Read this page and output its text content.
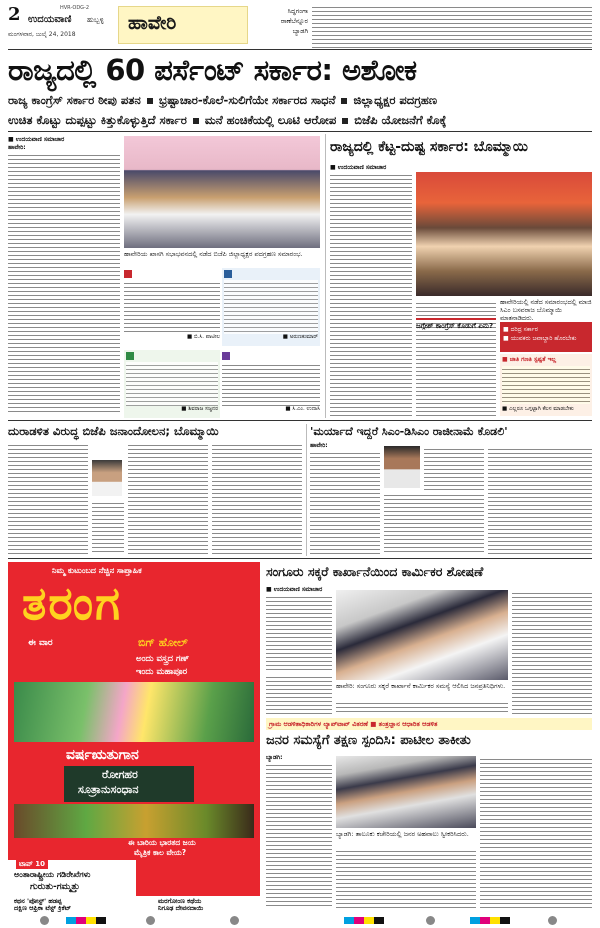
2	HVR-ODG-2
ಉದಯವಾಣಿ ಹುಬ್ಬಳ್ಳಿ
ಮಂಗಳವಾರ, ಜುಲೈ 24, 2018
ಹಾವೇರಿ
ಸಿದ್ಧಗಂಗಾ
ರಾಣೆಬೆನ್ನೂರ
ಬ್ಯಾಡಗಿ
ರಾಜ್ಯದಲ್ಲಿ 60 ಪರ್ಸೆಂಟ್ ಸರ್ಕಾರ: ಅಶೋಕ
ರಾಜ್ಯ ಕಾಂಗ್ರೆಸ್ ಸರ್ಕಾರ ಠೀಪು ಪತನ ಭ್ರಷ್ಟಾಚಾರ-ಕೊಲೆ-ಸುಲಿಗೆಯೇ ಸರ್ಕಾರದ ಸಾಧನೆ ಜಿಲ್ಲಾಧ್ಯಕ್ಷರ ಪದಗ್ರಹಣ
ಉಚಿತ ಕೊಟ್ಟು ದುಪ್ಪಟ್ಟು ಕಿತ್ತುಕೊಳ್ಳುತ್ತಿದೆ ಸರ್ಕಾರ ಮನೆ ಹಂಚಿಕೆಯಲ್ಲಿ ಲೂಟಿ ಆರೋಪ ಬಿಜೆಪಿ ಯೋಜನೆಗೆ ಕೊಕ್ಕೆ
■ ಉದಯವಾಣಿ ಸಮಾಚಾರ
ಹಾವೇರಿ:
ಹಾವೇರಿಯ ಖಾಸಗಿ ಸಭಾಭವನದಲ್ಲಿ ನಡೆದ ಬಿಜೆಪಿ ಜಿಲ್ಲಾಧ್ಯಕ್ಷರ ಪದಗ್ರಹಣ ಸಮಾರಂಭ.
■ ಬಿ.ಸಿ. ಪಾಟೀಲ	■ ಅರುಣಕುಮಾರ್
■ ಶಿವರಾಜ ಸಜ್ಜನರ	■ ಸಿ.ಎಂ. ಉದಾಸಿ
ರಾಜ್ಯದಲ್ಲಿ ಕೆಟ್ಟ-ದುಷ್ಟ ಸರ್ಕಾರ: ಬೊಮ್ಮಾಯಿ
■ ಉದಯವಾಣಿ ಸಮಾಚಾರ
ಹಾವೇರಿಯಲ್ಲಿ ನಡೆದ ಸಮಾರಂಭದಲ್ಲಿ ಮಾಜಿ ಸಿಎಂ ಬಸವರಾಜ ಬೊಮ್ಮಾಯಿ ಮಾತನಾಡಿದರು.
ಜಗ್ಗೇಶ್ ಕಾಂಗ್ರೆಸ್ ಕೊಡುಗೆ ಏನು?	■ ದರಿದ್ರ ಸರ್ಕಾರ
■ ಯುವಕರು ಜವಾಬ್ದಾರಿ ಹೊರಬೇಕು
■ ಜಾತಿ ಗಣತಿ ಸ್ಪಷ್ಟತೆ ಇಲ್ಲ
■ ಎಲ್ಲರೂ ಒಗ್ಗಟ್ಟಾಗಿ ಕೆಲಸ ಮಾಡಬೇಕು
ದುರಾಡಳಿತ ವಿರುದ್ಧ ಬಿಜೆಪಿ ಜನಾಂದೋಲನ; ಬೊಮ್ಮಾಯಿ	'ಮರ್ಯಾದೆ ಇದ್ದರೆ ಸಿಎಂ-ಡಿಸಿಎಂ ರಾಜೀನಾಮೆ ಕೊಡಲಿ'
ಹಾವೇರಿ:
ನಿಮ್ಮ ಕುಟುಂಬದ ನೆಚ್ಚಿನ ಸಾಪ್ತಾಹಿಕ
ತರಂಗ
ಈ ವಾರ	ಬಿಗ್ ಹೋಲ್
ಅಂದು ವಸ್ತ್ರದ ಗಣ್
ಇಂದು ಮಹಾಪೂರ
ವರ್ಷಋತುಗಾನ
ರೋಗಹರ
ಸೂತ್ರಾನುಸಂಧಾನ
ಈ ಬಾರಿಯ ಭಾರತದ ಜಯ
ಮೈತ್ರಿಕ ಕಾಲ ವೇಯ?
ಟಾಪ್ 10
ಅಂತಾರಾಷ್ಟ್ರೀಯ ಗಡಿರೇಖೆಗಳು
ಗುರುತು-ಗಮ್ಮತ್ತು
ಕಥನ 'ಪೋಸ್ಟ್' ಹಡಪ್ಪ
ದಕ್ಷಿಣ ಆಫ್ರಿಕಾ ಟೆಸ್ಟ್ ಕ್ರಿಕೆಟ್
ಮರಗೋಂಣ ಕಥೆಯ
ನಿಗೂಢ ದೇವನದಾಯಿ
ಸಂಗೂರು ಸಕ್ಕರೆ ಕಾರ್ಖಾನೆಯಿಂದ ಕಾರ್ಮಿಕರ ಶೋಷಣೆ
■ ಉದಯವಾಣಿ ಸಮಾಚಾರ
ಹಾವೇರಿ: ಸಂಗೂರು ಸಕ್ಕರೆ ಕಾರ್ಖಾನೆ ಕಾರ್ಮಿಕರ ಸಮಸ್ಯೆ ಆಲಿಸಿದ ಜನಪ್ರತಿನಿಧಿಗಳು.
ಗ್ರಾಮ ಆಡಳಿತಾಧಿಕಾರಿಗಳ ಲ್ಯಾಪ್‌ಟಾಪ್ ವಿತರಣೆ ■ ತಂತ್ರಜ್ಞಾನ ಆಧಾರಿತ ಆಡಳಿತ
ಜನರ ಸಮಸ್ಯೆಗೆ ತಕ್ಷಣ ಸ್ಪಂದಿಸಿ: ಪಾಟೀಲ ತಾಕೀತು
ಬ್ಯಾಡಗಿ:
ಬ್ಯಾಡಗಿ: ತಾಲೂಕು ಕಚೇರಿಯಲ್ಲಿ ಜನರ ಅಹವಾಲು ಸ್ವೀಕರಿಸಿದರು.
